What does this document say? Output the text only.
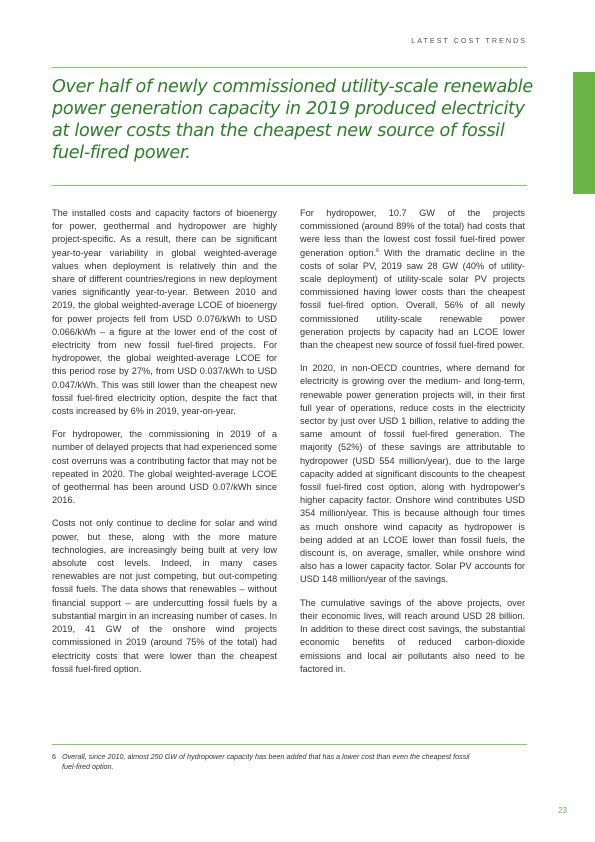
LATEST COST TRENDS
Over half of newly commissioned utility-scale renewable power generation capacity in 2019 produced electricity at lower costs than the cheapest new source of fossil fuel-fired power.

The installed costs and capacity factors of bioenergy for power, geothermal and hydropower are highly project-specific. As a result, there can be significant year-to-year variability in global weighted-average values when deployment is relatively thin and the share of different countries/regions in new deployment varies significantly year-to-year. Between 2010 and 2019, the global weighted-average LCOE of bioenergy for power projects fell from USD 0.076/kWh to USD 0.066/kWh – a figure at the lower end of the cost of electricity from new fossil fuel-fired projects. For hydropower, the global weighted-average LCOE for this period rose by 27%, from USD 0.037/kWh to USD 0.047/kWh. This was still lower than the cheapest new fossil fuel-fired electricity option, despite the fact that costs increased by 6% in 2019, year-on-year.

For hydropower, the commissioning in 2019 of a number of delayed projects that had experienced some cost overruns was a contributing factor that may not be repeated in 2020. The global weighted-average LCOE of geothermal has been around USD 0.07/kWh since 2016.

Costs not only continue to decline for solar and wind power, but these, along with the more mature technologies, are increasingly being built at very low absolute cost levels. Indeed, in many cases renewables are not just competing, but out-competing fossil fuels. The data shows that renewables – without financial support – are undercutting fossil fuels by a substantial margin in an increasing number of cases. In 2019, 41 GW of the onshore wind projects commissioned in 2019 (around 75% of the total) had electricity costs that were lower than the cheapest fossil fuel-fired option.

For hydropower, 10.7 GW of the projects commissioned (around 89% of the total) had costs that were less than the lowest cost fossil fuel-fired power generation option.$^6$ With the dramatic decline in the costs of solar PV, 2019 saw 28 GW (40% of utility-scale deployment) of utility-scale solar PV projects commissioned having lower costs than the cheapest fossil fuel-fired option. Overall, 56% of all newly commissioned utility-scale renewable power generation projects by capacity had an LCOE lower than the cheapest new source of fossil fuel-fired power.

In 2020, in non-OECD countries, where demand for electricity is growing over the medium- and long-term, renewable power generation projects will, in their first full year of operations, reduce costs in the electricity sector by just over USD 1 billion, relative to adding the same amount of fossil fuel-fired generation. The majority (52%) of these savings are attributable to hydropower (USD 554 million/year), due to the large capacity added at significant discounts to the cheapest fossil fuel-fired cost option, along with hydropower's higher capacity factor. Onshore wind contributes USD 354 million/year. This is because although four times as much onshore wind capacity as hydropower is being added at an LCOE lower than fossil fuels, the discount is, on average, smaller, while onshore wind also has a lower capacity factor. Solar PV accounts for USD 148 million/year of the savings.

The cumulative savings of the above projects, over their economic lives, will reach around USD 28 billion. In addition to these direct cost savings, the substantial economic benefits of reduced carbon-dioxide emissions and local air pollutants also need to be factored in.

6 Overall, since 2010, almost 250 GW of hydropower capacity has been added that has a lower cost than even the cheapest fossil
fuel-fired option.
23
